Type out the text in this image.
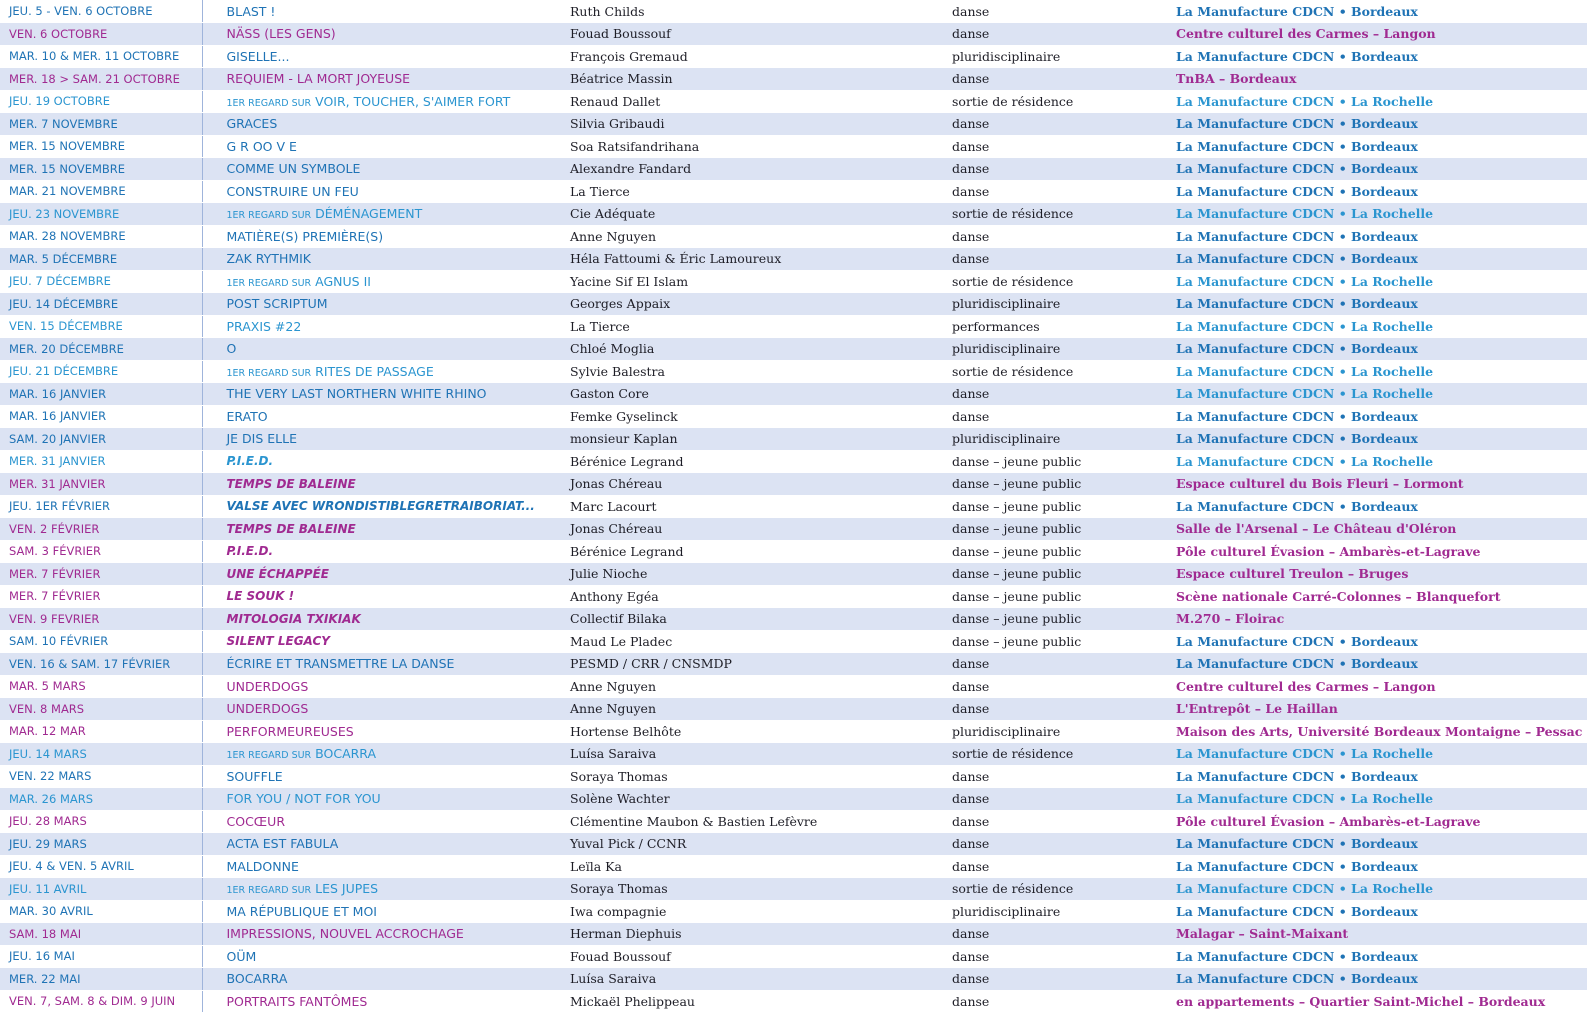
JEU. 5 - VEN. 6 OCTOBRE	BLAST !	Ruth Childs	danse	La Manufacture CDCN • Bordeaux
VEN. 6 OCTOBRE	NÄSS (LES GENS)	Fouad Boussouf	danse	Centre culturel des Carmes – Langon
MAR. 10 & MER. 11 OCTOBRE	GISELLE...	François Gremaud	pluridisciplinaire	La Manufacture CDCN • Bordeaux
MER. 18 > SAM. 21 OCTOBRE	REQUIEM - LA MORT JOYEUSE	Béatrice Massin	danse	TnBA – Bordeaux
JEU. 19 OCTOBRE	1ER REGARD SUR VOIR, TOUCHER, S'AIMER FORT	Renaud Dallet	sortie de résidence	La Manufacture CDCN • La Rochelle
MER. 7 NOVEMBRE	GRACES	Silvia Gribaudi	danse	La Manufacture CDCN • Bordeaux
MER. 15 NOVEMBRE	G R OO V E	Soa Ratsifandrihana	danse	La Manufacture CDCN • Bordeaux
MER. 15 NOVEMBRE	COMME UN SYMBOLE	Alexandre Fandard	danse	La Manufacture CDCN • Bordeaux
MAR. 21 NOVEMBRE	CONSTRUIRE UN FEU	La Tierce	danse	La Manufacture CDCN • Bordeaux
JEU. 23 NOVEMBRE	1ER REGARD SUR DÉMÉNAGEMENT	Cie Adéquate	sortie de résidence	La Manufacture CDCN • La Rochelle
MAR. 28 NOVEMBRE	MATIÈRE(S) PREMIÈRE(S)	Anne Nguyen	danse	La Manufacture CDCN • Bordeaux
MAR. 5 DÉCEMBRE	ZAK RYTHMIK	Héla Fattoumi & Éric Lamoureux	danse	La Manufacture CDCN • Bordeaux
JEU. 7 DÉCEMBRE	1ER REGARD SUR AGNUS II	Yacine Sif El Islam	sortie de résidence	La Manufacture CDCN • La Rochelle
JEU. 14 DÉCEMBRE	POST SCRIPTUM	Georges Appaix	pluridisciplinaire	La Manufacture CDCN • Bordeaux
VEN. 15 DÉCEMBRE	PRAXIS #22	La Tierce	performances	La Manufacture CDCN • La Rochelle
MER. 20 DÉCEMBRE	O	Chloé Moglia	pluridisciplinaire	La Manufacture CDCN • Bordeaux
JEU. 21 DÉCEMBRE	1ER REGARD SUR RITES DE PASSAGE	Sylvie Balestra	sortie de résidence	La Manufacture CDCN • La Rochelle
MAR. 16 JANVIER	THE VERY LAST NORTHERN WHITE RHINO	Gaston Core	danse	La Manufacture CDCN • La Rochelle
MAR. 16 JANVIER	ERATO	Femke Gyselinck	danse	La Manufacture CDCN • Bordeaux
SAM. 20 JANVIER	JE DIS ELLE	monsieur Kaplan	pluridisciplinaire	La Manufacture CDCN • Bordeaux
MER. 31 JANVIER	P.I.E.D.	Bérénice Legrand	danse – jeune public	La Manufacture CDCN • La Rochelle
MER. 31 JANVIER	TEMPS DE BALEINE	Jonas Chéreau	danse – jeune public	Espace culturel du Bois Fleuri – Lormont
JEU. 1ER FÉVRIER	VALSE AVEC WRONDISTIBLEGRETRAIBORIAT...	Marc Lacourt	danse – jeune public	La Manufacture CDCN • Bordeaux
VEN. 2 FÉVRIER	TEMPS DE BALEINE	Jonas Chéreau	danse – jeune public	Salle de l'Arsenal – Le Château d'Oléron
SAM. 3 FÉVRIER	P.I.E.D.	Bérénice Legrand	danse – jeune public	Pôle culturel Évasion – Ambarès-et-Lagrave
MER. 7 FÉVRIER	UNE ÉCHAPPÉE	Julie Nioche	danse – jeune public	Espace culturel Treulon – Bruges
MER. 7 FÉVRIER	LE SOUK !	Anthony Egéa	danse – jeune public	Scène nationale Carré-Colonnes – Blanquefort
VEN. 9 FEVRIER	MITOLOGIA TXIKIAK	Collectif Bilaka	danse – jeune public	M.270 – Floirac
SAM. 10 FÉVRIER	SILENT LEGACY	Maud Le Pladec	danse – jeune public	La Manufacture CDCN • Bordeaux
VEN. 16 & SAM. 17 FÉVRIER	ÉCRIRE ET TRANSMETTRE LA DANSE	PESMD / CRR / CNSMDP	danse	La Manufacture CDCN • Bordeaux
MAR. 5 MARS	UNDERDOGS	Anne Nguyen	danse	Centre culturel des Carmes – Langon
VEN. 8 MARS	UNDERDOGS	Anne Nguyen	danse	L'Entrepôt – Le Haillan
MAR. 12 MAR	PERFORMEUREUSES	Hortense Belhôte	pluridisciplinaire	Maison des Arts, Université Bordeaux Montaigne – Pessac
JEU. 14 MARS	1ER REGARD SUR BOCARRA	Luísa Saraiva	sortie de résidence	La Manufacture CDCN • La Rochelle
VEN. 22 MARS	SOUFFLE	Soraya Thomas	danse	La Manufacture CDCN • Bordeaux
MAR. 26 MARS	FOR YOU / NOT FOR YOU	Solène Wachter	danse	La Manufacture CDCN • La Rochelle
JEU. 28 MARS	COCŒUR	Clémentine Maubon & Bastien Lefèvre	danse	Pôle culturel Évasion – Ambarès-et-Lagrave
JEU. 29 MARS	ACTA EST FABULA	Yuval Pick / CCNR	danse	La Manufacture CDCN • Bordeaux
JEU. 4 & VEN. 5 AVRIL	MALDONNE	Leïla Ka	danse	La Manufacture CDCN • Bordeaux
JEU. 11 AVRIL	1ER REGARD SUR LES JUPES	Soraya Thomas	sortie de résidence	La Manufacture CDCN • La Rochelle
MAR. 30 AVRIL	MA RÉPUBLIQUE ET MOI	Iwa compagnie	pluridisciplinaire	La Manufacture CDCN • Bordeaux
SAM. 18 MAI	IMPRESSIONS, NOUVEL ACCROCHAGE	Herman Diephuis	danse	Malagar – Saint-Maixant
JEU. 16 MAI	OÜM	Fouad Boussouf	danse	La Manufacture CDCN • Bordeaux
MER. 22 MAI	BOCARRA	Luísa Saraiva	danse	La Manufacture CDCN • Bordeaux
VEN. 7, SAM. 8 & DIM. 9 JUIN	PORTRAITS FANTÔMES	Mickaël Phelippeau	danse	en appartements – Quartier Saint-Michel – Bordeaux
